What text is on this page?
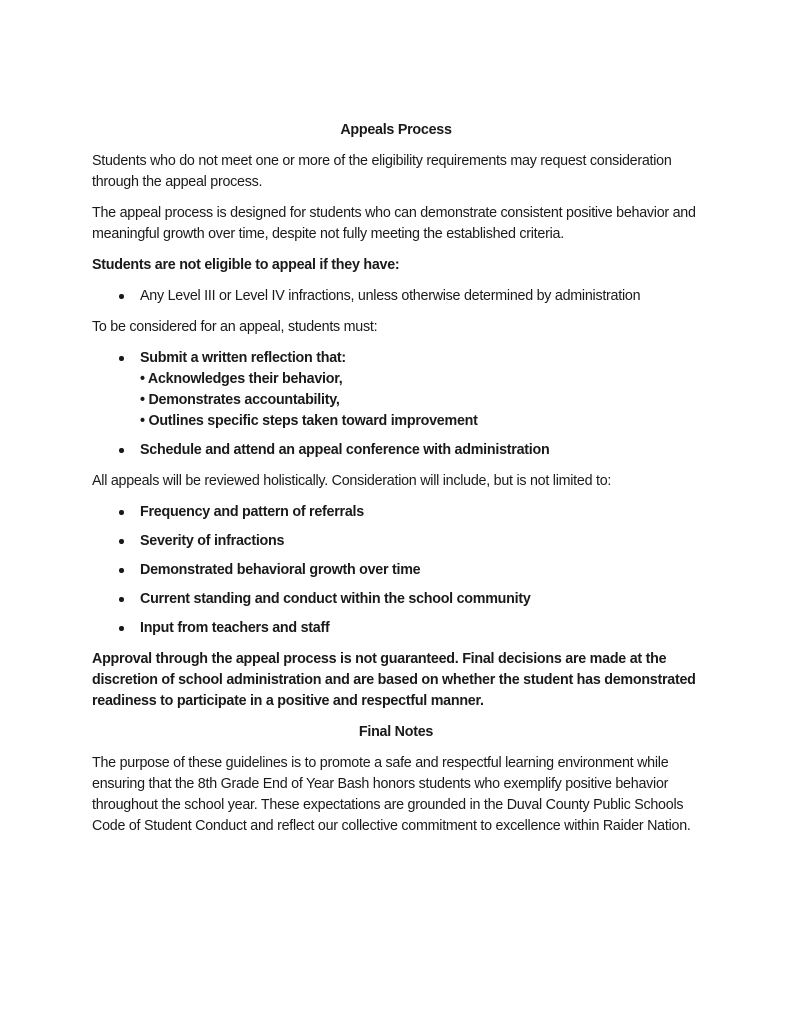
Appeals Process

Students who do not meet one or more of the eligibility requirements may request consideration through the appeal process.

The appeal process is designed for students who can demonstrate consistent positive behavior and meaningful growth over time, despite not fully meeting the established criteria.

Students are not eligible to appeal if they have:

Any Level III or Level IV infractions, unless otherwise determined by administration

To be considered for an appeal, students must:

Submit a written reflection that:
• Acknowledges their behavior,
• Demonstrates accountability,
• Outlines specific steps taken toward improvement
Schedule and attend an appeal conference with administration

All appeals will be reviewed holistically. Consideration will include, but is not limited to:

Frequency and pattern of referrals
Severity of infractions
Demonstrated behavioral growth over time
Current standing and conduct within the school community
Input from teachers and staff

Approval through the appeal process is not guaranteed. Final decisions are made at the discretion of school administration and are based on whether the student has demonstrated readiness to participate in a positive and respectful manner.

Final Notes

The purpose of these guidelines is to promote a safe and respectful learning environment while ensuring that the 8th Grade End of Year Bash honors students who exemplify positive behavior throughout the school year. These expectations are grounded in the Duval County Public Schools Code of Student Conduct and reflect our collective commitment to excellence within Raider Nation.
